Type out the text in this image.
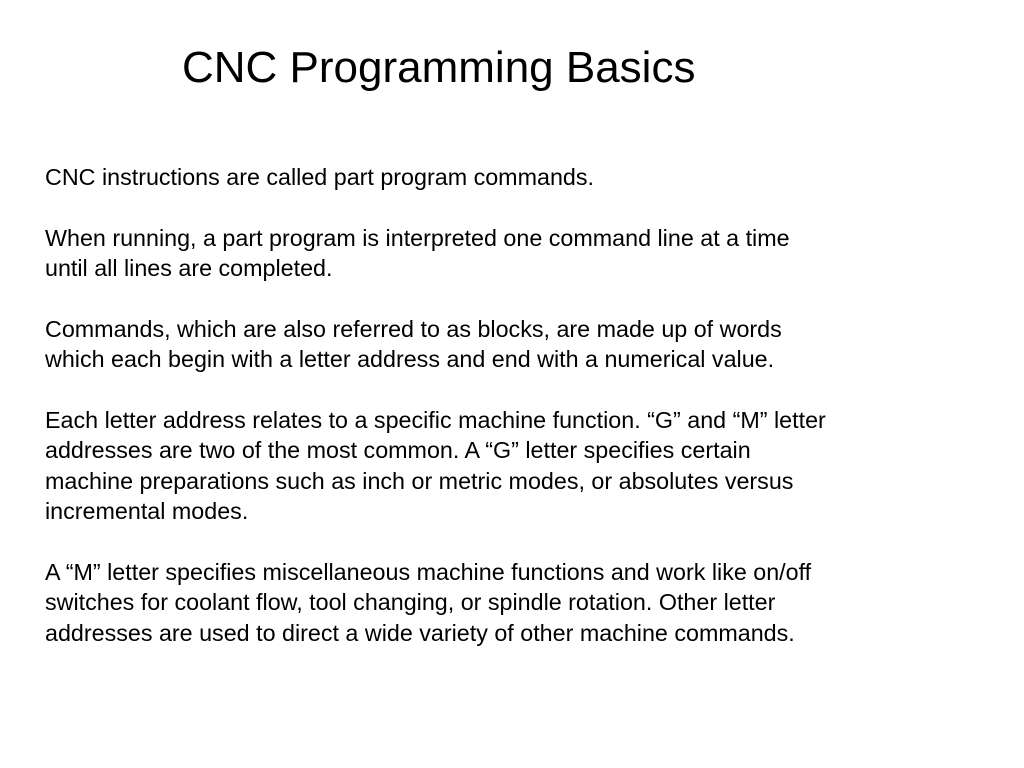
CNC Programming Basics

CNC instructions are called part program commands.

When running, a part program is interpreted one command line at a time
until all lines are completed.

Commands, which are also referred to as blocks, are made up of words
which each begin with a letter address and end with a numerical value.

Each letter address relates to a specific machine function. “G” and “M” letter
addresses are two of the most common. A “G” letter specifies certain
machine preparations such as inch or metric modes, or absolutes versus
incremental modes.

A “M” letter specifies miscellaneous machine functions and work like on/off
switches for coolant flow, tool changing, or spindle rotation. Other letter
addresses are used to direct a wide variety of other machine commands.
